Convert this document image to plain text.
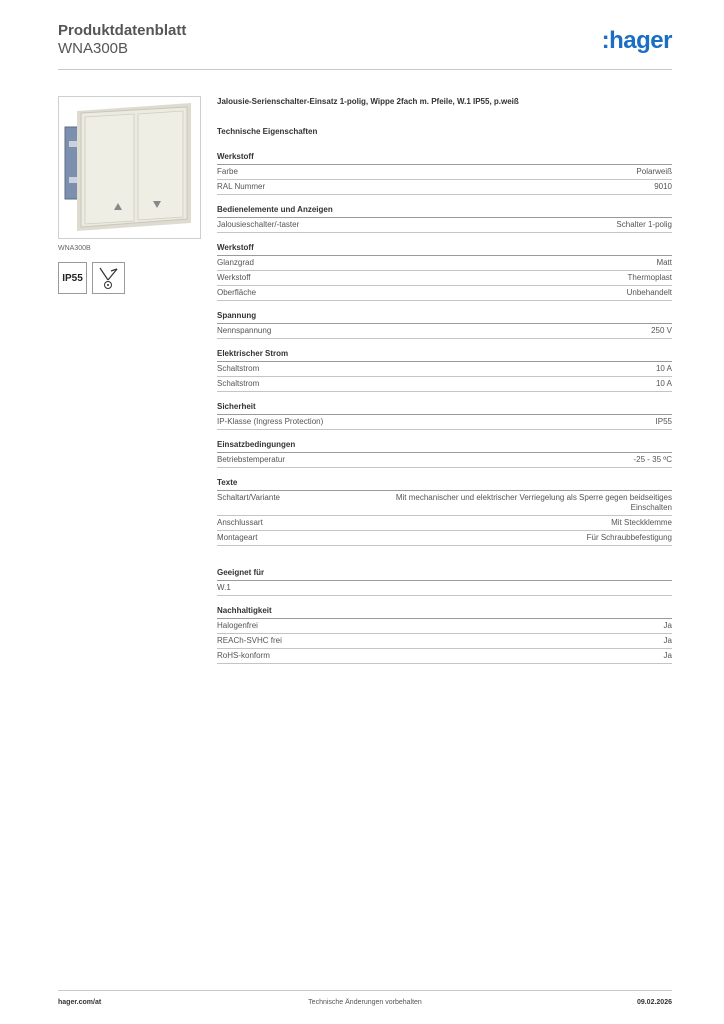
Produktdatenblatt
WNA300B	:hager
WNA300B
IP55
Jalousie-Serienschalter-Einsatz 1-polig, Wippe 2fach m. Pfeile, W.1 IP55, p.weiß
Technische Eigenschaften
Werkstoff
Farbe	Polarweiß
RAL Nummer	9010
Bedienelemente und Anzeigen
Jalousieschalter/-taster	Schalter 1-polig
Werkstoff
Glanzgrad	Matt
Werkstoff	Thermoplast
Oberfläche	Unbehandelt
Spannung
Nennspannung	250 V
Elektrischer Strom
Schaltstrom	10 A
Schaltstrom	10 A
Sicherheit
IP-Klasse (Ingress Protection)	IP55
Einsatzbedingungen
Betriebstemperatur	-25 - 35 ºC
Texte
Schaltart/Variante	Mit mechanischer und elektrischer Verriegelung als Sperre gegen beidseitiges Einschalten
Anschlussart	Mit Steckklemme
Montageart	Für Schraubbefestigung
Geeignet für
W.1
Nachhaltigkeit
Halogenfrei	Ja
REACh-SVHC frei	Ja
RoHS-konform	Ja
hager.com/at	Technische Änderungen vorbehalten	09.02.2026
